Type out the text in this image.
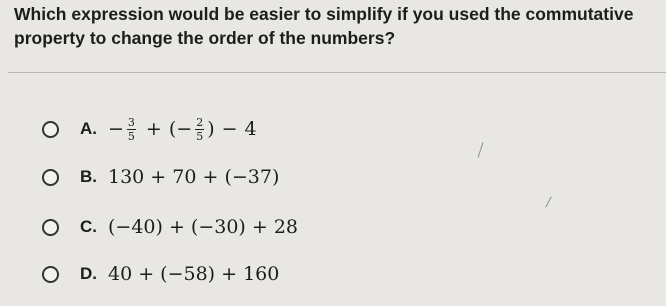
Which expression would be easier to simplify if you used the commutative property to change the order of the numbers?
A. − $\frac{3}{5}$ + (− $\frac{2}{5}$ ) − 4
B. 130 + 70 + (−37)
C. (−40) + (−30) + 28
D. 40 + (−58) + 160
